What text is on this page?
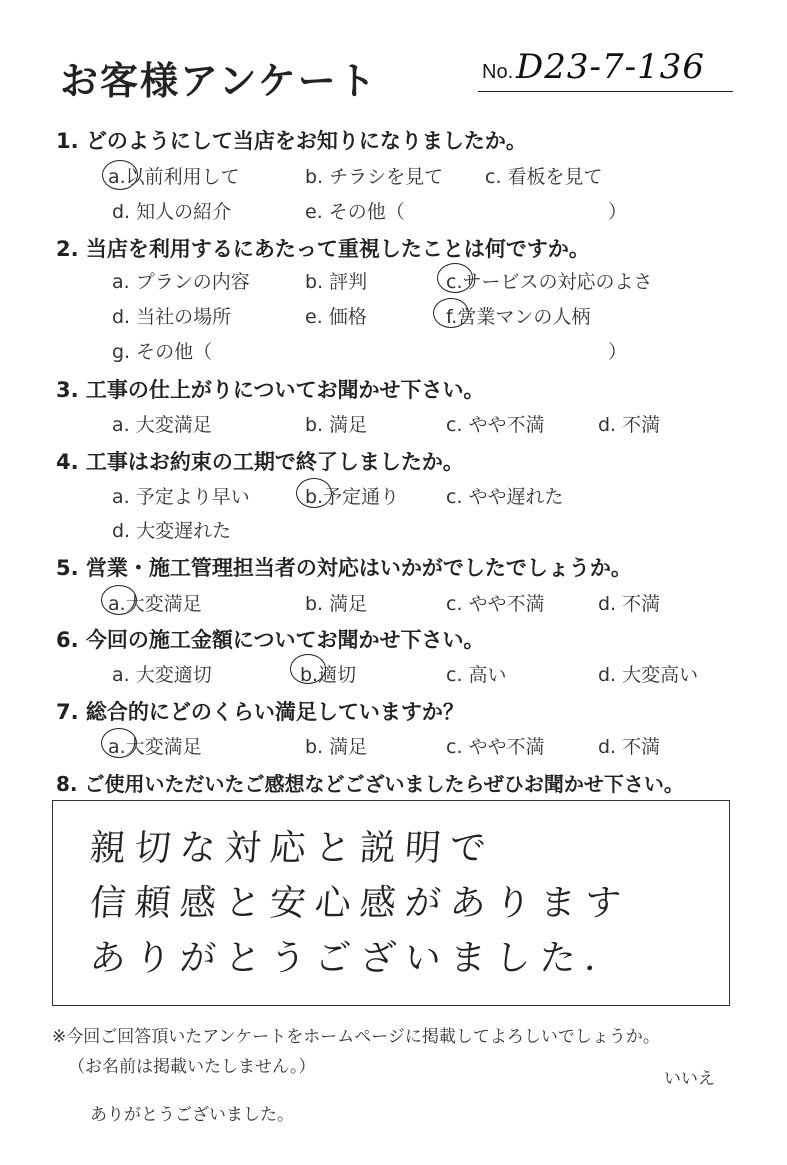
お客様アンケート	No. D23-7-136
1. どのようにして当店をお知りになりましたか。
a.以前利用して	b. チラシを見て c. 看板を見て
d. 知人の紹介	e. その他（	）
2. 当店を利用するにあたって重視したことは何ですか。
a. プランの内容	b. 評判	c.サービスの対応のよさ
d. 当社の場所	e. 価格	f.営業マンの人柄
g. その他（	）
3. 工事の仕上がりについてお聞かせ下さい。
a. 大変満足	b. 満足	c. やや不満	d. 不満
4. 工事はお約束の工期で終了しましたか。
a. 予定より早い	b.予定通り c. やや遅れた
d. 大変遅れた
5. 営業・施工管理担当者の対応はいかがでしたでしょうか。
a.大変満足	b. 満足	c. やや不満	d. 不満
6. 今回の施工金額についてお聞かせ下さい。
a. 大変適切	b.適切	c. 高い	d. 大変高い
7. 総合的にどのくらい満足していますか？
a.大変満足	b. 満足	c. やや不満	d. 不満
8. ご使用いただいたご感想などございましたらぜひお聞かせ下さい。
親切な対応と説明で
信頼感と安心感があります
ありがとうございました．
※今回ご回答頂いたアンケートをホームページに掲載してよろしいでしょうか。
（お名前は掲載いたしません。）
いいえ
ありがとうございました。
